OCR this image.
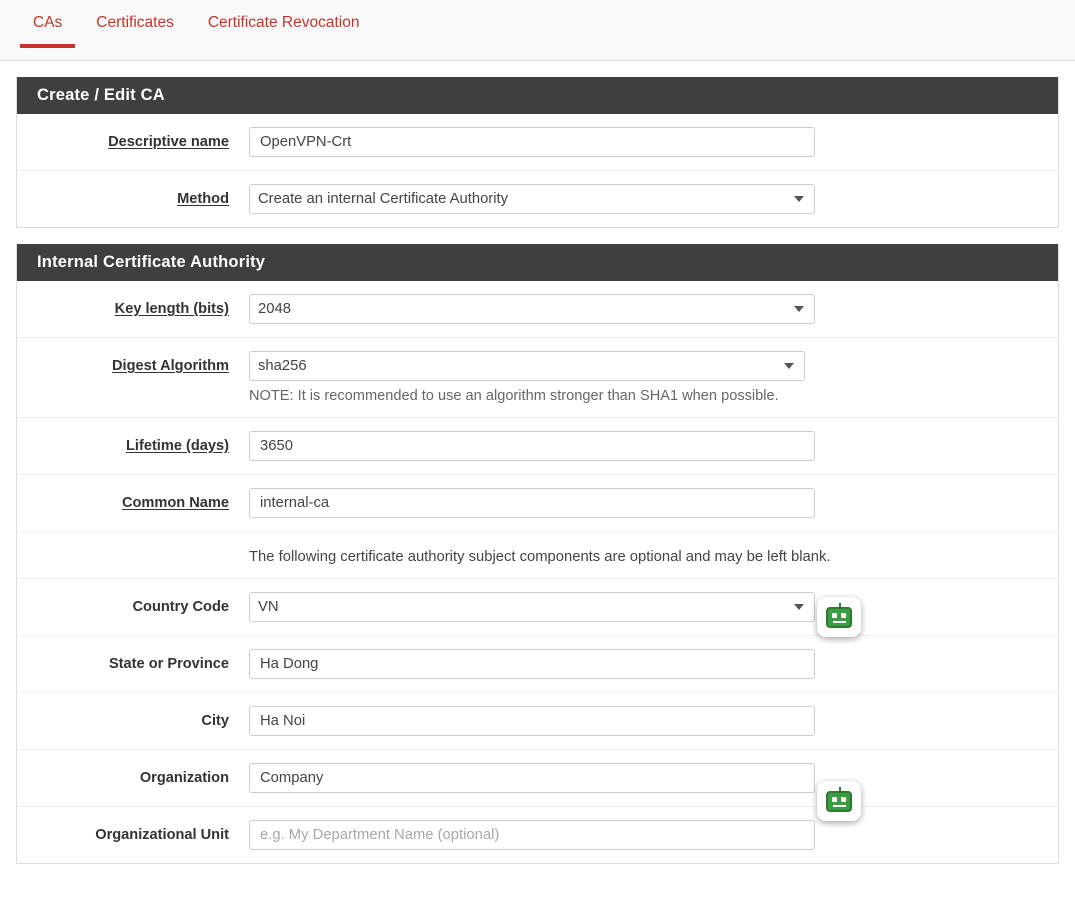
CAs	Certificates	Certificate Revocation
Create / Edit CA
Descriptive name
OpenVPN-Crt
Method
Create an internal Certificate Authority
Internal Certificate Authority
Key length (bits)
2048
Digest Algorithm
sha256
NOTE: It is recommended to use an algorithm stronger than SHA1 when possible.
Lifetime (days)
3650
Common Name
internal-ca
The following certificate authority subject components are optional and may be left blank.
Country Code
VN
State or Province
Ha Dong
City
Ha Noi
Organization
Company
Organizational Unit
e.g. My Department Name (optional)
